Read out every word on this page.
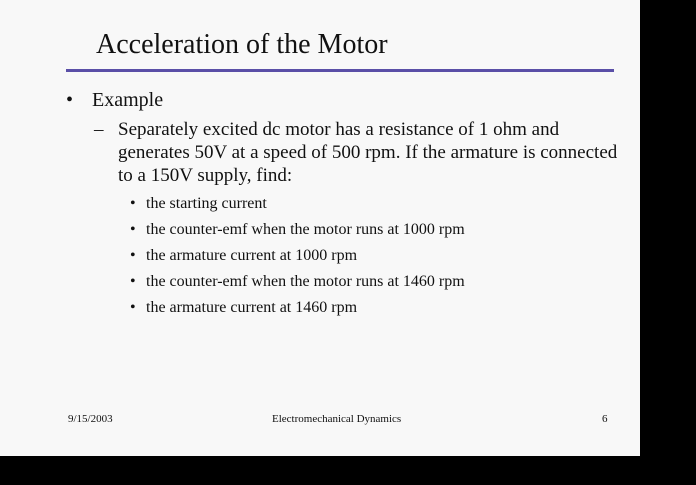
Acceleration of the Motor
• Example
– Separately excited dc motor has a resistance of 1 ohm and generates 50V at a speed of 500 rpm. If the armature is connected to a 150V supply, find:
• the starting current
• the counter-emf when the motor runs at 1000 rpm
• the armature current at 1000 rpm
• the counter-emf when the motor runs at 1460 rpm
• the armature current at 1460 rpm
9/15/2003	Electromechanical Dynamics	6
